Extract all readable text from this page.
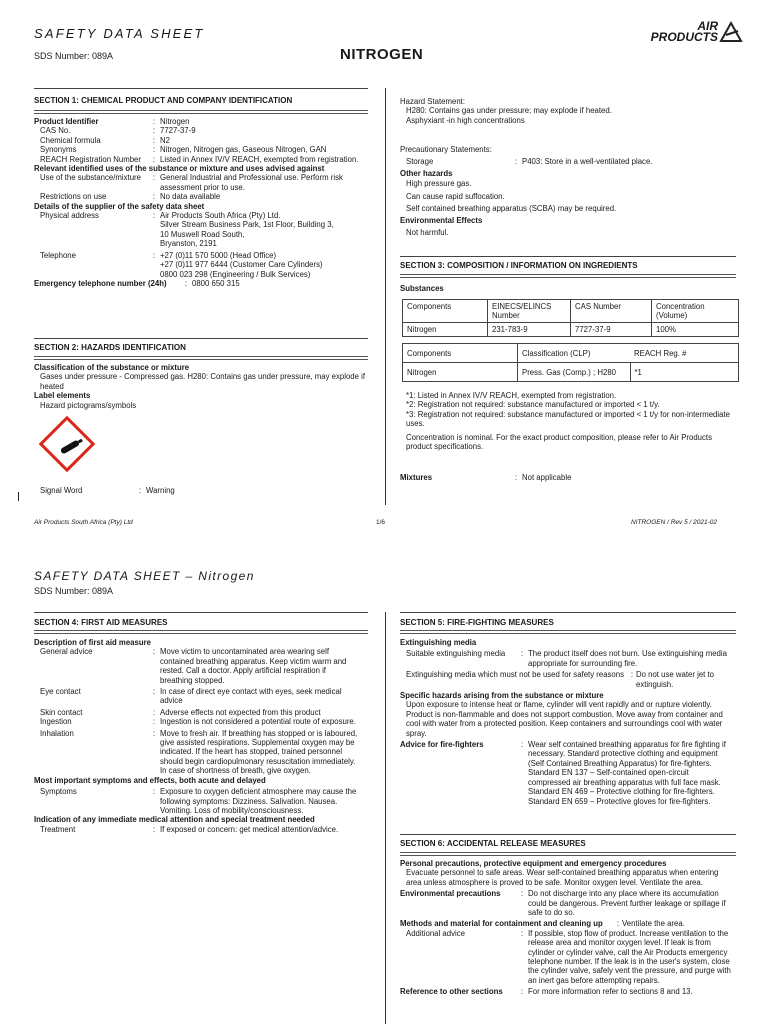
SAFETY DATA SHEET
SDS Number: 089A	NITROGEN
AIR
PRODUCTS
SECTION 1: CHEMICAL PRODUCT AND COMPANY IDENTIFICATION
Product Identifier	: Nitrogen
CAS No.	: 7727-37-9
Chemical formula	: N2
Synonyms	: Nitrogen, Nitrogen gas, Gaseous Nitrogen, GAN
REACH Registration Number	: Listed in Annex IV/V REACH, exempted from registration.
Relevant identified uses of the substance or mixture and uses advised against
Use of the substance/mixture	: General Industrial and Professional use. Perform risk assessment prior to use.
Restrictions on use	: No data available
Details of the supplier of the safety data sheet
Physical address	: Air Products South Africa (Pty) Ltd.
Silver Stream Business Park, 1st Floor, Building 3,
10 Muswell Road South,
Bryanston, 2191
Telephone	: +27 (0)11 570 5000 (Head Office)
+27 (0)11 977 6444 (Customer Care Cylinders)
0800 023 298 (Engineering / Bulk Services)
Emergency telephone number (24h)	: 0800 650 315
SECTION 2: HAZARDS IDENTIFICATION
Classification of the substance or mixture
Gases under pressure - Compressed gas. H280: Contains gas under pressure, may explode if heated
Label elements
Hazard pictograms/symbols
Signal Word	: Warning
Hazard Statement:
H280: Contains gas under pressure; may explode if heated.
Asphyxiant -in high concentrations
Precautionary Statements:
Storage	: P403: Store in a well-ventilated place.
Other hazards
High pressure gas.
Can cause rapid suffocation.
Self contained breathing apparatus (SCBA) may be required.
Environmental Effects
Not harmful.
SECTION 3: COMPOSITION / INFORMATION ON INGREDIENTS
Substances
Components	EINECS/ELINCS Number	CAS Number	Concentration (Volume)
Nitrogen	231-783-9	7727-37-9	100%
Components	Classification (CLP)	REACH Reg. #
Nitrogen	Press. Gas (Comp.) ; H280	*1
*1: Listed in Annex IV/V REACH, exempted from registration.
*2: Registration not required: substance manufactured or imported < 1 t/y.
*3: Registration not required: substance manufactured or imported < 1 t/y for non-intermediate uses.
Concentration is nominal. For the exact product composition, please refer to Air Products product specifications.
Mixtures	: Not applicable
Air Products South Africa (Pty) Ltd	1/6	NITROGEN / Rev 5 / 2021-02
SAFETY DATA SHEET – Nitrogen
SDS Number: 089A
SECTION 4: FIRST AID MEASURES
Description of first aid measure
General advice	: Move victim to uncontaminated area wearing self contained breathing apparatus. Keep victim warm and rested. Call a doctor. Apply artificial respiration if breathing stopped.
Eye contact	: In case of direct eye contact with eyes, seek medical advice
Skin contact	: Adverse effects not expected from this product
Ingestion	: Ingestion is not considered a potential route of exposure.
Inhalation	: Move to fresh air. If breathing has stopped or is laboured, give assisted respirations. Supplemental oxygen may be indicated. If the heart has stopped, trained personnel should begin cardiopulmonary resuscitation immediately. In case of shortness of breath, give oxygen.
Most important symptoms and effects, both acute and delayed
Symptoms	: Exposure to oxygen deficient atmosphere may cause the following symptoms: Dizziness. Salivation. Nausea. Vomiting. Loss of mobility/consciousness.
Indication of any immediate medical attention and special treatment needed
Treatment	: If exposed or concern: get medical attention/advice.
SECTION 5: FIRE-FIGHTING MEASURES
Extinguishing media
Suitable extinguishing media	: The product itself does not burn. Use extinguishing media appropriate for surrounding fire.
Extinguishing media which must not be used for safety reasons : Do not use water jet to extinguish.
Specific hazards arising from the substance or mixture
Upon exposure to intense heat or flame, cylinder will vent rapidly and or rupture violently. Product is non-flammable and does not support combustion. Move away from container and cool with water from a protected position. Keep containers and surroundings cool with water spray.
Advice for fire-fighters	: Wear self contained breathing apparatus for fire fighting if necessary. Standard protective clothing and equipment (Self Contained Breathing Apparatus) for fire-fighters. Standard EN 137 – Self-contained open-circuit compressed air breathing apparatus with full face mask. Standard EN 469 – Protective clothing for fire-fighters. Standard EN 659 – Protective gloves for fire-fighters.
SECTION 6: ACCIDENTAL RELEASE MEASURES
Personal precautions, protective equipment and emergency procedures
Evacuate personnel to safe areas. Wear self-contained breathing apparatus when entering area unless atmosphere is proved to be safe. Monitor oxygen level. Ventilate the area.
Environmental precautions	: Do not discharge into any place where its accumulation could be dangerous. Prevent further leakage or spillage if safe to do so.
Methods and material for containment and cleaning up	: Ventilate the area.
Additional advice	: If possible, stop flow of product. Increase ventilation to the release area and monitor oxygen level. If leak is from cylinder or cylinder valve, call the Air Products emergency telephone number. If the leak is in the user's system, close the cylinder valve, safely vent the pressure, and purge with an inert gas before attempting repairs.
Reference to other sections	: For more information refer to sections 8 and 13.
